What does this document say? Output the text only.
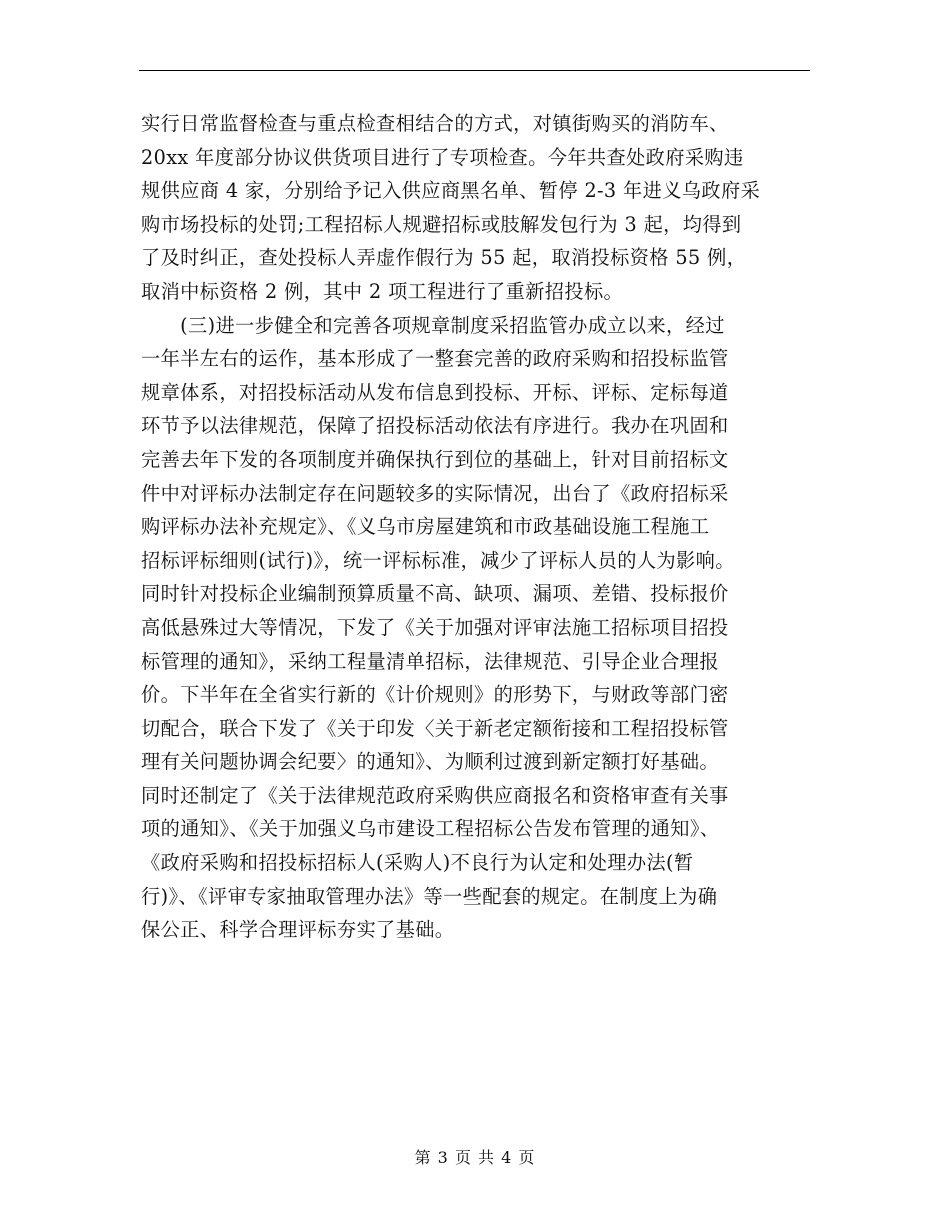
实行日常监督检查与重点检查相结合的方式，对镇街购买的消防车、
20xx 年度部分协议供货项目进行了专项检查。今年共查处政府采购违
规供应商 4 家，分别给予记入供应商黑名单、暂停 2-3 年进义乌政府采
购市场投标的处罚;工程招标人规避招标或肢解发包行为 3 起，均得到
了及时纠正，查处投标人弄虚作假行为 55 起，取消投标资格 55 例，
取消中标资格 2 例，其中 2 项工程进行了重新招投标。
　　(三)进一步健全和完善各项规章制度采招监管办成立以来，经过
一年半左右的运作，基本形成了一整套完善的政府采购和招投标监管
规章体系，对招投标活动从发布信息到投标、开标、评标、定标每道
环节予以法律规范，保障了招投标活动依法有序进行。我办在巩固和
完善去年下发的各项制度并确保执行到位的基础上，针对目前招标文
件中对评标办法制定存在问题较多的实际情况，出台了《政府招标采
购评标办法补充规定》、《义乌市房屋建筑和市政基础设施工程施工
招标评标细则(试行)》，统一评标标准，减少了评标人员的人为影响。
同时针对投标企业编制预算质量不高、缺项、漏项、差错、投标报价
高低悬殊过大等情况，下发了《关于加强对评审法施工招标项目招投
标管理的通知》，采纳工程量清单招标，法律规范、引导企业合理报
价。下半年在全省实行新的《计价规则》的形势下，与财政等部门密
切配合，联合下发了《关于印发〈关于新老定额衔接和工程招投标管
理有关问题协调会纪要〉的通知》、为顺利过渡到新定额打好基础。
同时还制定了《关于法律规范政府采购供应商报名和资格审查有关事
项的通知》、《关于加强义乌市建设工程招标公告发布管理的通知》、
《政府采购和招投标招标人(采购人)不良行为认定和处理办法(暂
行)》、《评审专家抽取管理办法》等一些配套的规定。在制度上为确
保公正、科学合理评标夯实了基础。
第 3 页 共 4 页
